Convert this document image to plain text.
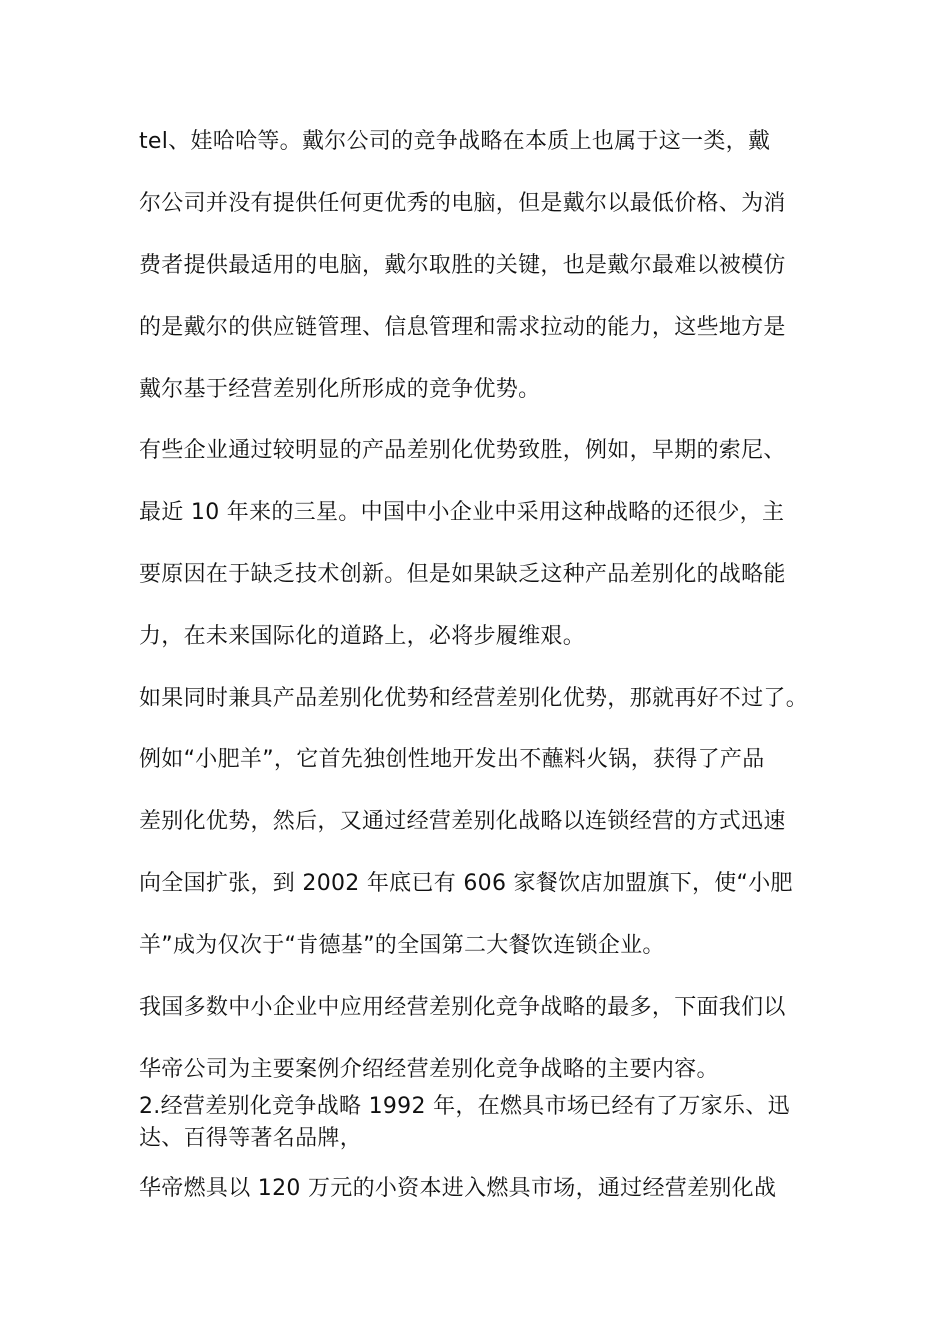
tel、娃哈哈等。戴尔公司的竞争战略在本质上也属于这一类，戴
尔公司并没有提供任何更优秀的电脑，但是戴尔以最低价格、为消
费者提供最适用的电脑，戴尔取胜的关键，也是戴尔最难以被模仿
的是戴尔的供应链管理、信息管理和需求拉动的能力，这些地方是
戴尔基于经营差别化所形成的竞争优势。
有些企业通过较明显的产品差别化优势致胜，例如，早期的索尼、
最近 10 年来的三星。中国中小企业中采用这种战略的还很少，主
要原因在于缺乏技术创新。但是如果缺乏这种产品差别化的战略能
力，在未来国际化的道路上，必将步履维艰。
如果同时兼具产品差别化优势和经营差别化优势，那就再好不过了。
例如“小肥羊”，它首先独创性地开发出不蘸料火锅，获得了产品
差别化优势，然后，又通过经营差别化战略以连锁经营的方式迅速
向全国扩张，到 2002 年底已有 606 家餐饮店加盟旗下，使“小肥
羊”成为仅次于“肯德基”的全国第二大餐饮连锁企业。
我国多数中小企业中应用经营差别化竞争战略的最多，下面我们以
华帝公司为主要案例介绍经营差别化竞争战略的主要内容。
2.经营差别化竞争战略 1992 年，在燃具市场已经有了万家乐、迅
达、百得等著名品牌，
华帝燃具以 120 万元的小资本进入燃具市场，通过经营差别化战
